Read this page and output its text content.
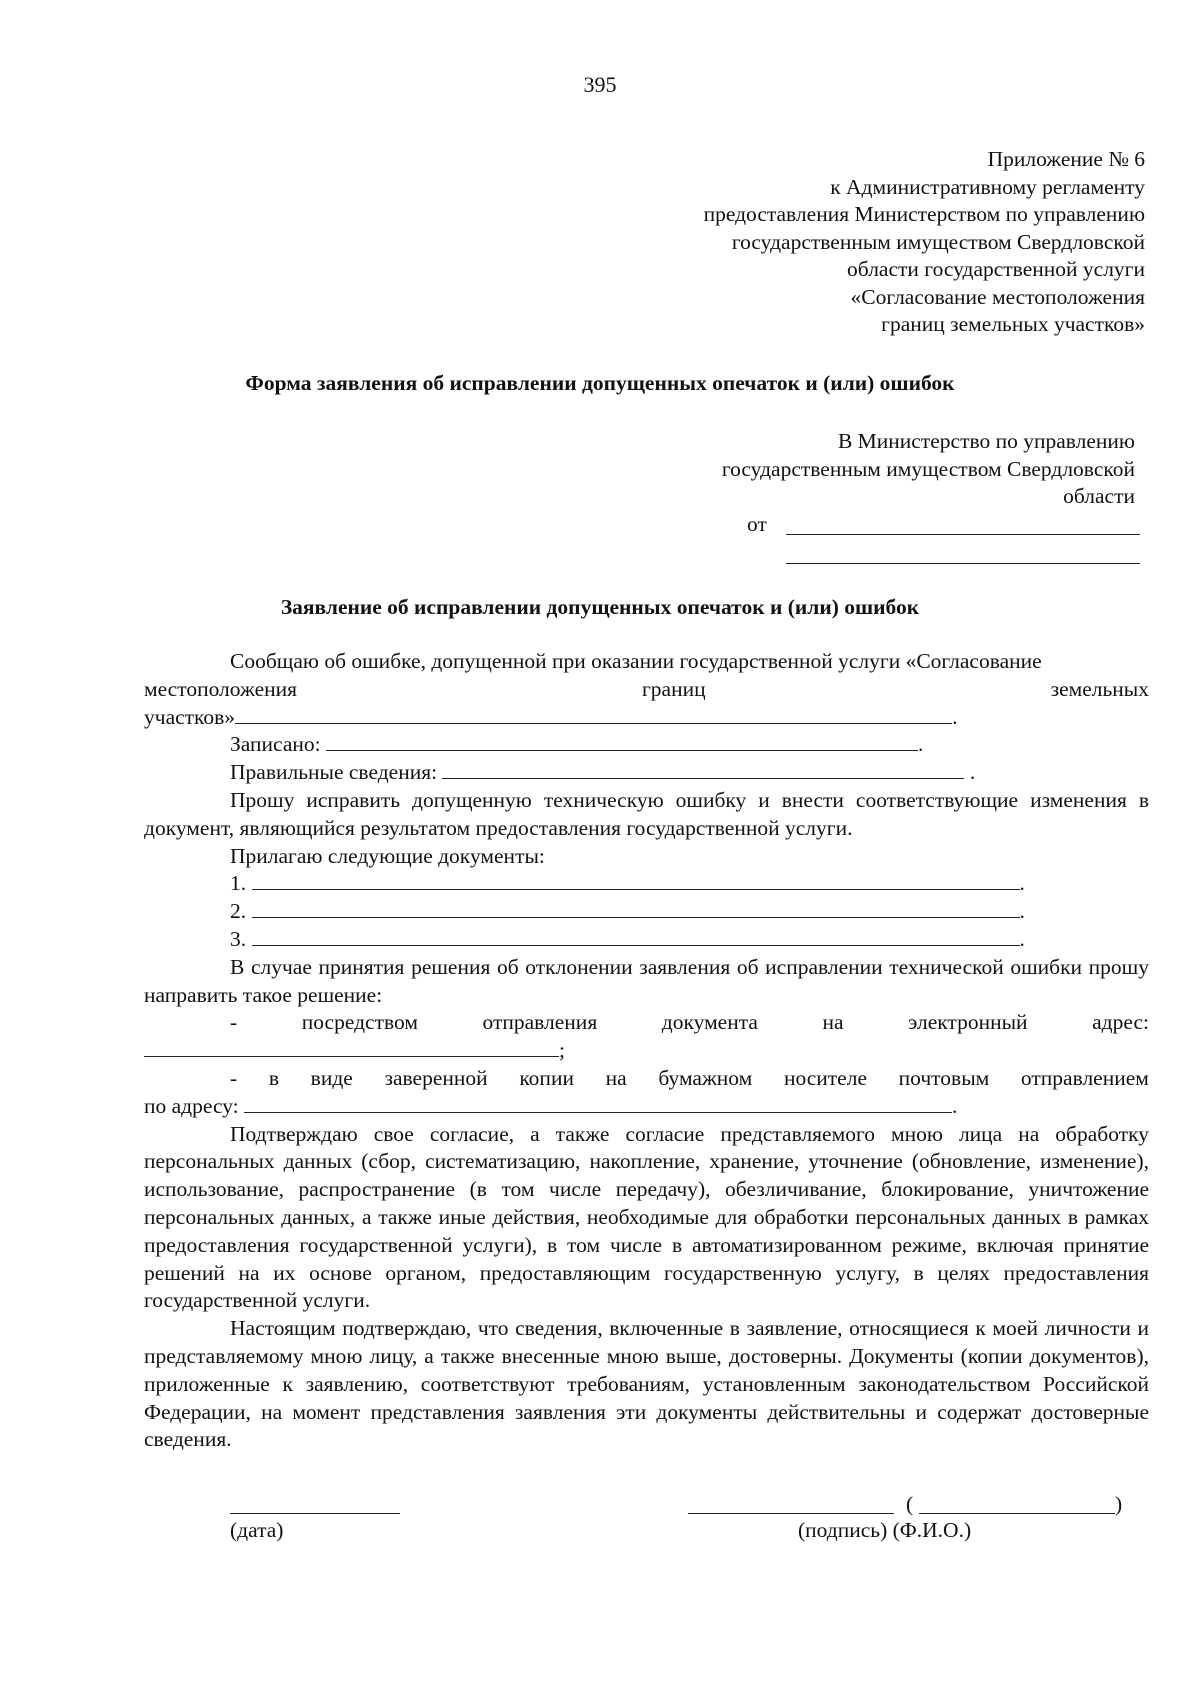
395
Приложение № 6
к Административному регламенту
предоставления Министерством по управлению
государственным имуществом Свердловской
области государственной услуги
«Согласование местоположения
границ земельных участков»
Форма заявления об исправлении допущенных опечаток и (или) ошибок
В Министерство по управлению
государственным имуществом Свердловской
области
от
Заявление об исправлении допущенных опечаток и (или) ошибок
Сообщаю об ошибке, допущенной при оказании государственной услуги «Согласование
местоположения	границ	земельных
участков»	.
Записано:	.
Правильные сведения:	.
Прошу исправить допущенную техническую ошибку и внести соответствующие изменения в документ, являющийся результатом предоставления государственной услуги.
Прилагаю следующие документы:
1.	.
2.	.
3.	.
В случае принятия решения об отклонении заявления об исправлении технической ошибки прошу направить такое решение:
-	посредством	отправления	документа	на	электронный	адрес:
;
- в виде заверенной копии на бумажном носителе почтовым отправлением
по адресу:	.
Подтверждаю свое согласие, а также согласие представляемого мною лица на обработку персональных данных (сбор, систематизацию, накопление, хранение, уточнение (обновление, изменение), использование, распространение (в том числе передачу), обезличивание, блокирование, уничтожение персональных данных, а также иные действия, необходимые для обработки персональных данных в рамках предоставления государственной услуги), в том числе в автоматизированном режиме, включая принятие решений на их основе органом, предоставляющим государственную услугу, в целях предоставления государственной услуги.
Настоящим подтверждаю, что сведения, включенные в заявление, относящиеся к моей личности и представляемому мною лицу, а также внесенные мною выше, достоверны. Документы (копии документов), приложенные к заявлению, соответствуют требованиям, установленным законодательством Российской Федерации, на момент представления заявления эти документы действительны и содержат достоверные сведения.
(	)
(дата)	(подпись) (Ф.И.О.)
